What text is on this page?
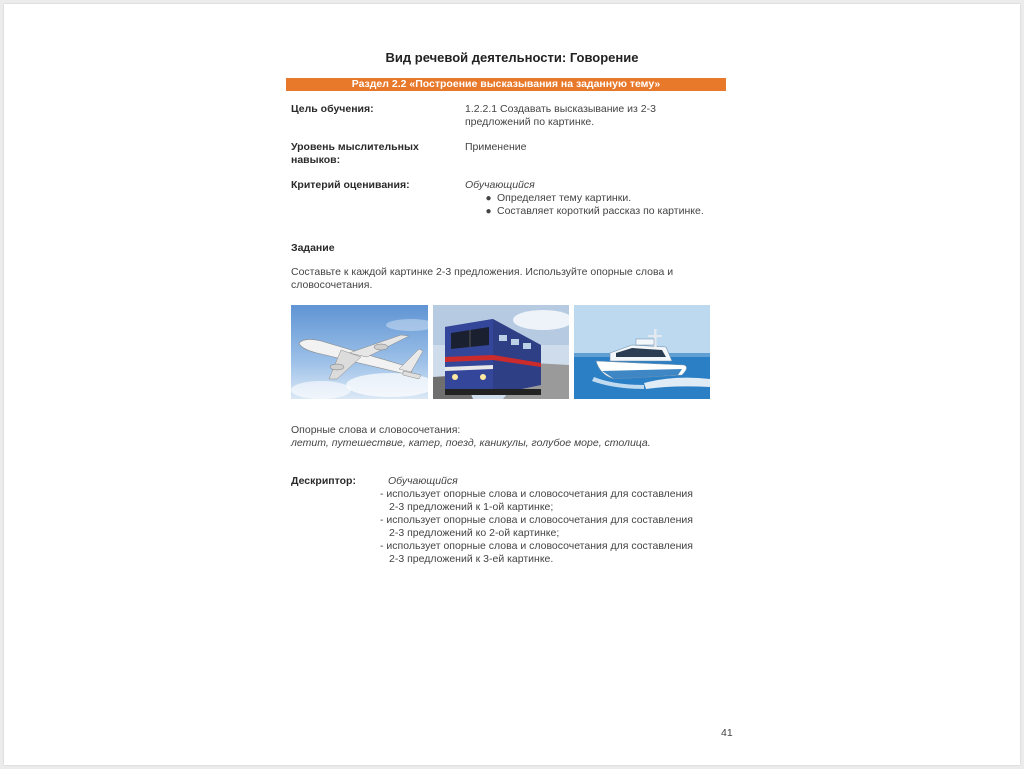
Вид речевой деятельности: Говорение
Раздел 2.2 «Построение высказывания на заданную тему»
Цель обучения:	1.2.2.1 Создавать высказывание из 2-3
предложений по картинке.
Уровень мыслительных
навыков:
Применение
Критерий оценивания:	Обучающийся
● Определяет тему картинки.
● Составляет короткий рассказ по картинке.
Задание
Составьте к каждой картинке 2-3 предложения. Используйте опорные слова и
словосочетания.
Опорные слова и словосочетания:
летит, путешествие, катер, поезд, каникулы, голубое море, столица.
Дескриптор:	Обучающийся
- использует опорные слова и словосочетания для составления
2-3 предложений к 1-ой картинке;
- использует опорные слова и словосочетания для составления
2-3 предложений ко 2-ой картинке;
- использует опорные слова и словосочетания для составления
2-3 предложений к 3-ей картинке.
41
